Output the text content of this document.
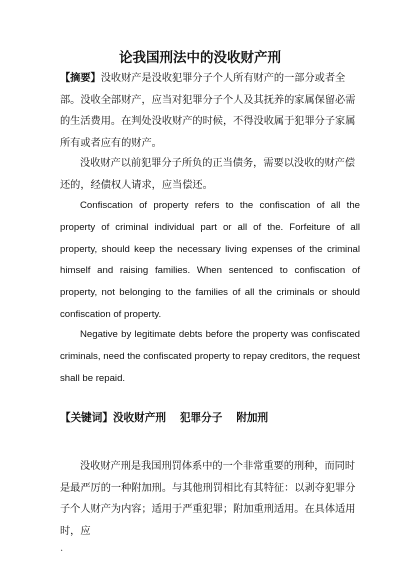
论我国刑法中的没收财产刑

【摘要】没收财产是没收犯罪分子个人所有财产的一部分或者全部。没收全部财产，应当对犯罪分子个人及其抚养的家属保留必需的生活费用。在判处没收财产的时候，不得没收属于犯罪分子家属所有或者应有的财产。

没收财产以前犯罪分子所负的正当债务，需要以没收的财产偿还的，经债权人请求，应当偿还。

Confiscation of property refers to the confiscation of all the property of criminal individual part or all of the. Forfeiture of all property, should keep the necessary living expenses of the criminal himself and raising families. When sentenced to confiscation of property, not belonging to the families of all the criminals or should confiscation of property.

Negative by legitimate debts before the property was confiscated criminals, need the confiscated property to repay creditors, the request shall be repaid.

【关键词】没收财产刑 犯罪分子 附加刑

没收财产刑是我国刑罚体系中的一个非常重要的刑种，而同时是最严厉的一种附加刑。与其他刑罚相比有其特征：以剥夺犯罪分子个人财产为内容；适用于严重犯罪；附加重刑适用。在具体适用时，应

.
